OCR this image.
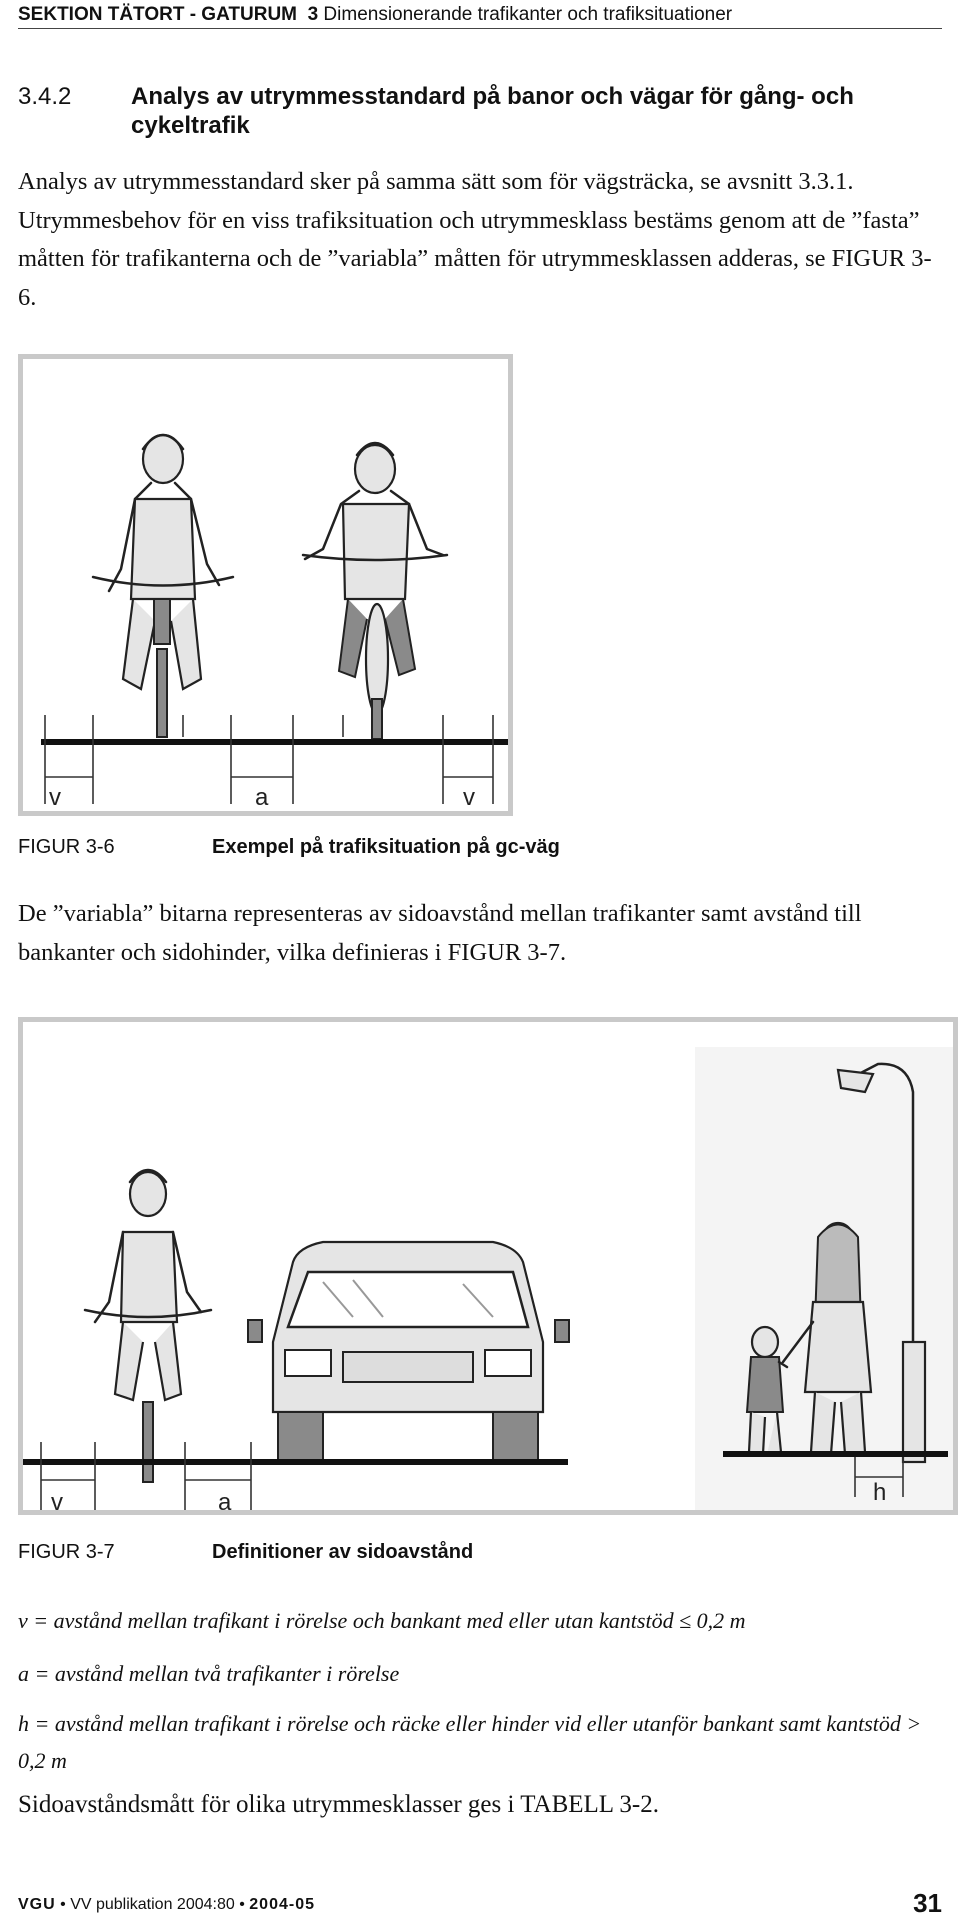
SEKTION TÄTORT - GATURUM 3 Dimensionerande trafikanter och trafiksituationer
3.4.2 Analys av utrymmesstandard på banor och vägar för gång- och cykeltrafik
Analys av utrymmesstandard sker på samma sätt som för vägsträcka, se avsnitt 3.3.1. Utrymmesbehov för en viss trafiksituation och utrymmesklass bestäms genom att de ”fasta” måtten för trafikanterna och de ”variabla” måtten för utrymmesklassen adderas, se FIGUR 3-6.
v	a	v
FIGUR 3-6	Exempel på trafiksituation på gc-väg
De ”variabla” bitarna representeras av sidoavstånd mellan trafikanter samt avstånd till bankanter och sidohinder, vilka definieras i FIGUR 3-7.
v	a	h
FIGUR 3-7	Definitioner av sidoavstånd
v = avstånd mellan trafikant i rörelse och bankant med eller utan kantstöd ≤ 0,2 m
a = avstånd mellan två trafikanter i rörelse
h = avstånd mellan trafikant i rörelse och räcke eller hinder vid eller utanför bankant samt kantstöd > 0,2 m
Sidoavståndsmått för olika utrymmesklasser ges i TABELL 3-2.
VGU • VV publikation 2004:80 • 2004-05	31
